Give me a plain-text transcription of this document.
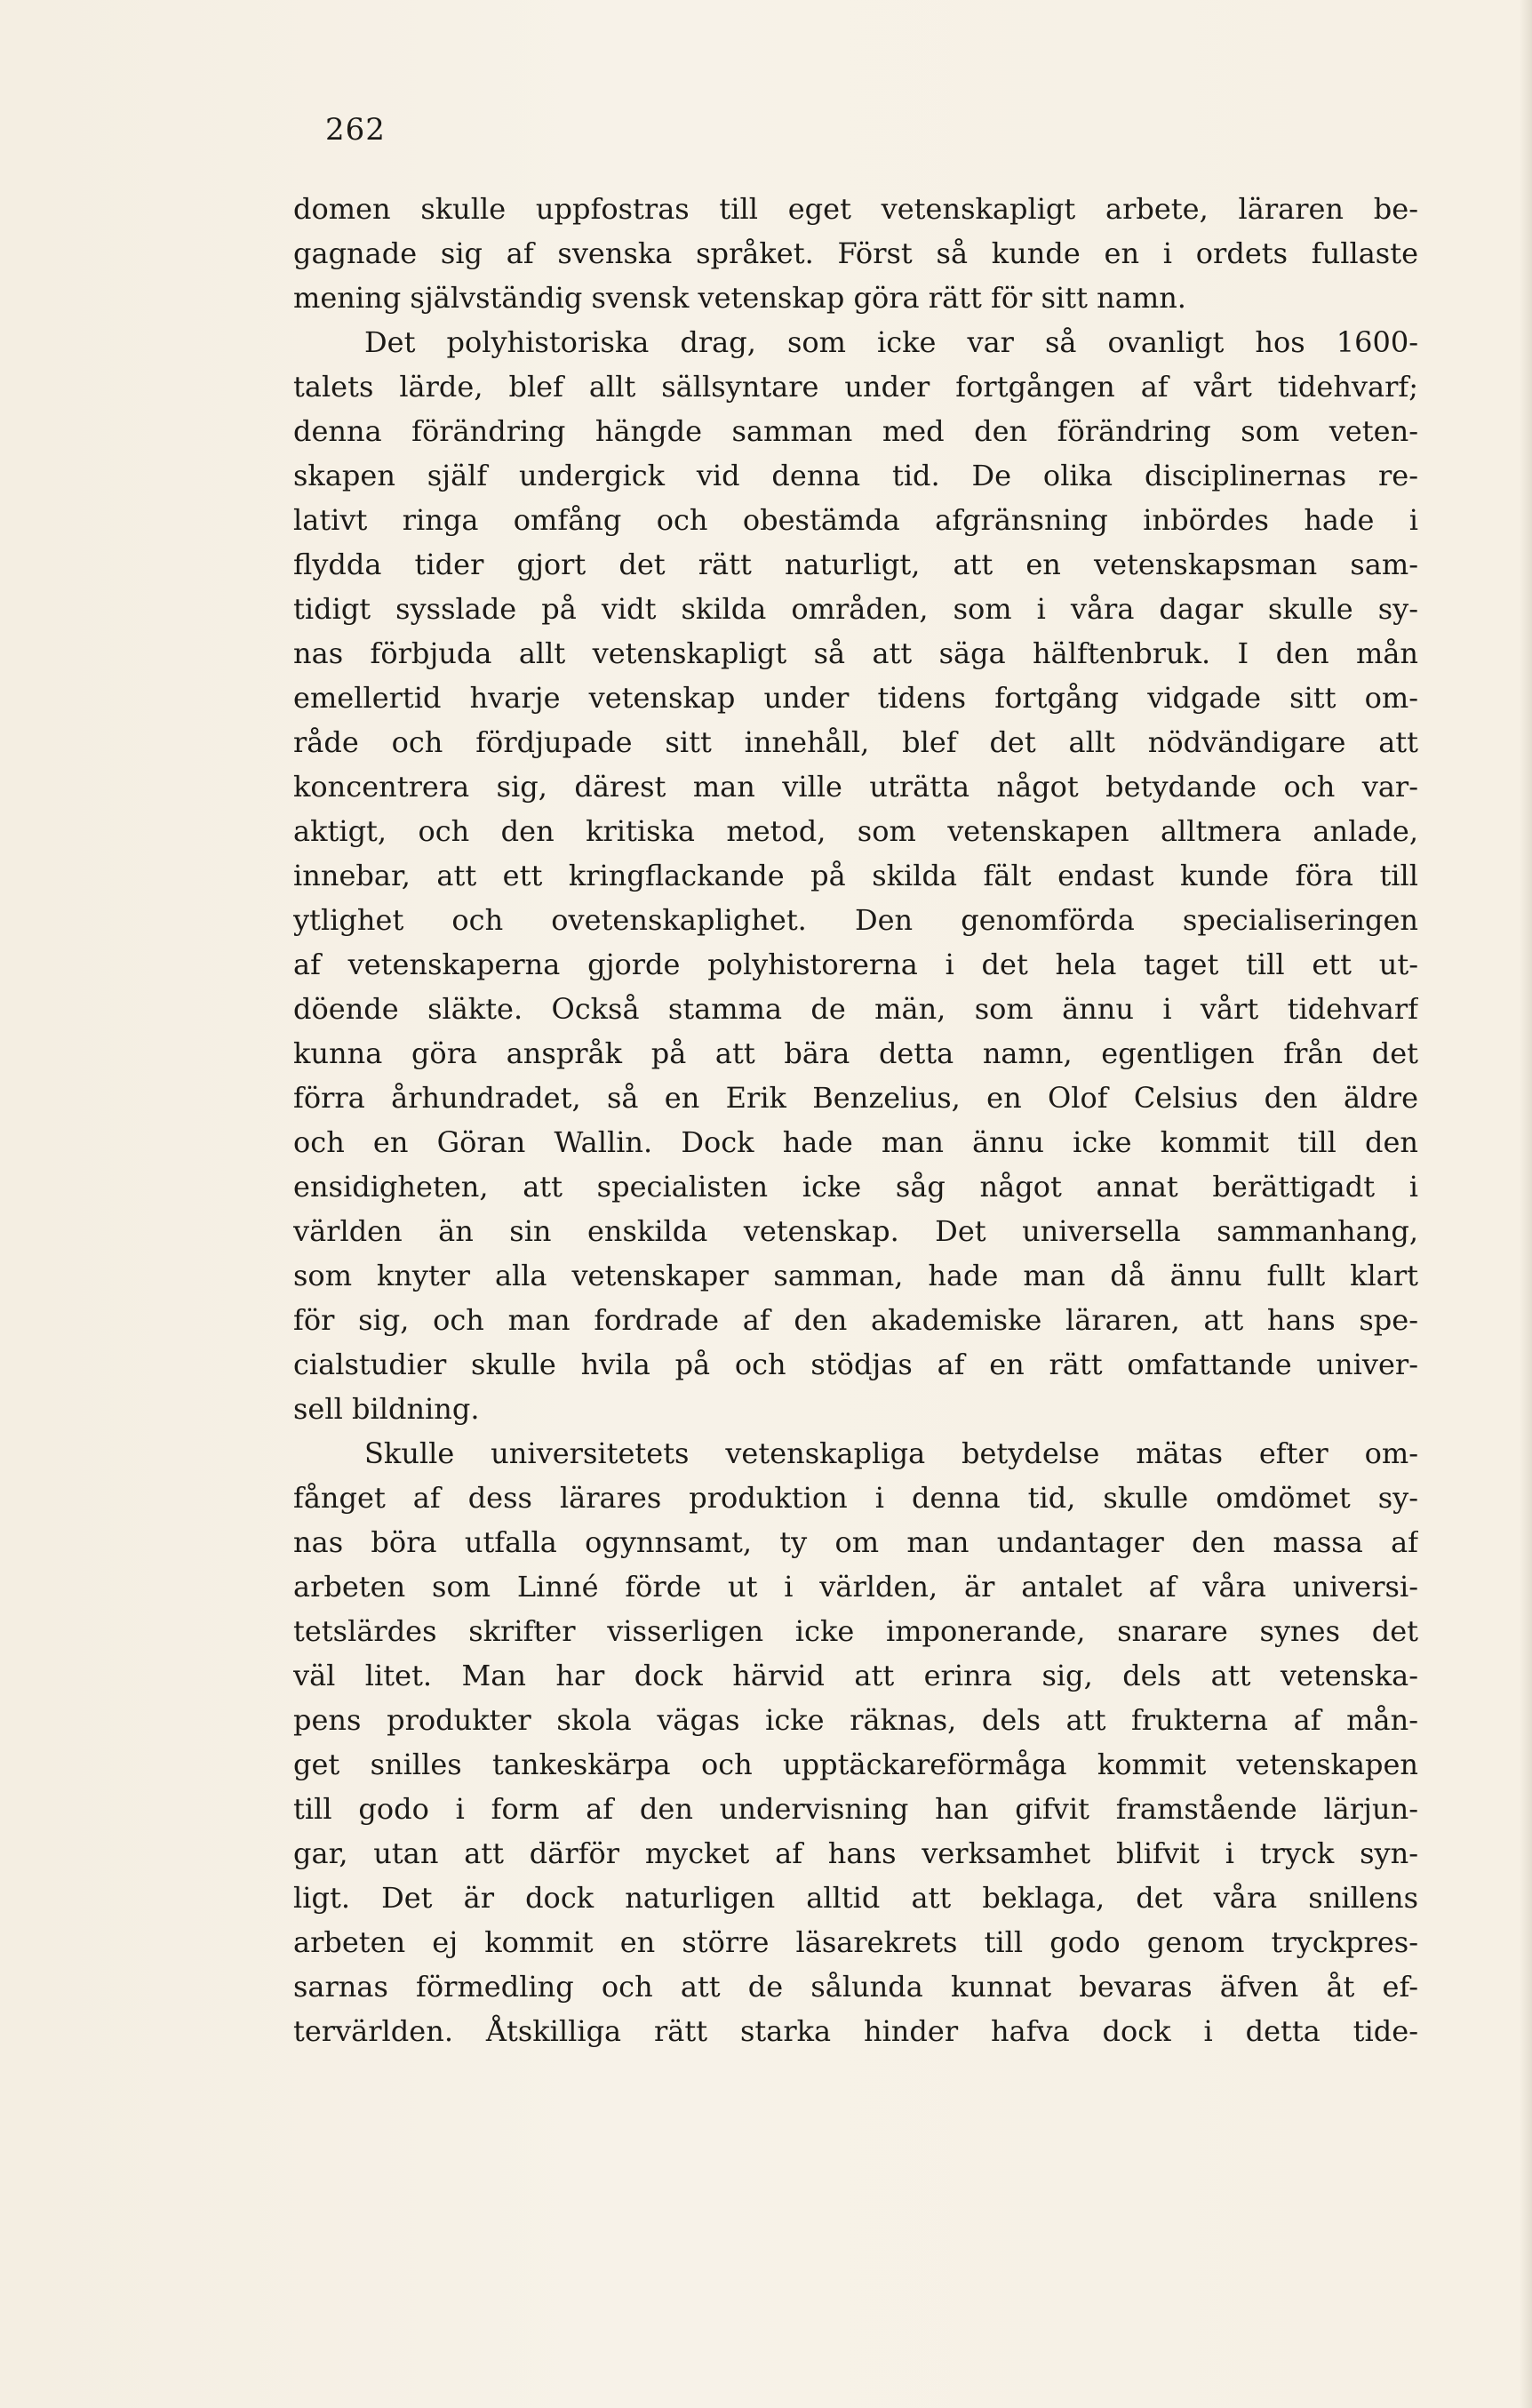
262
domen skulle uppfostras till eget vetenskapligt arbete, läraren be-
gagnade sig af svenska språket. Först så kunde en i ordets fullaste
mening självständig svensk vetenskap göra rätt för sitt namn.
Det polyhistoriska drag, som icke var så ovanligt hos 1600-
talets lärde, blef allt sällsyntare under fortgången af vårt tidehvarf;
denna förändring hängde samman med den förändring som veten-
skapen själf undergick vid denna tid. De olika disciplinernas re-
lativt ringa omfång och obestämda afgränsning inbördes hade i
flydda tider gjort det rätt naturligt, att en vetenskapsman sam-
tidigt sysslade på vidt skilda områden, som i våra dagar skulle sy-
nas förbjuda allt vetenskapligt så att säga hälftenbruk. I den mån
emellertid hvarje vetenskap under tidens fortgång vidgade sitt om-
råde och fördjupade sitt innehåll, blef det allt nödvändigare att
koncentrera sig, därest man ville uträtta något betydande och var-
aktigt, och den kritiska metod, som vetenskapen alltmera anlade,
innebar, att ett kringflackande på skilda fält endast kunde föra till
ytlighet och ovetenskaplighet. Den genomförda specialiseringen
af vetenskaperna gjorde polyhistorerna i det hela taget till ett ut-
döende släkte. Också stamma de män, som ännu i vårt tidehvarf
kunna göra anspråk på att bära detta namn, egentligen från det
förra århundradet, så en Erik Benzelius, en Olof Celsius den äldre
och en Göran Wallin. Dock hade man ännu icke kommit till den
ensidigheten, att specialisten icke såg något annat berättigadt i
världen än sin enskilda vetenskap. Det universella sammanhang,
som knyter alla vetenskaper samman, hade man då ännu fullt klart
för sig, och man fordrade af den akademiske läraren, att hans spe-
cialstudier skulle hvila på och stödjas af en rätt omfattande univer-
sell bildning.
Skulle universitetets vetenskapliga betydelse mätas efter om-
fånget af dess lärares produktion i denna tid, skulle omdömet sy-
nas böra utfalla ogynnsamt, ty om man undantager den massa af
arbeten som Linné förde ut i världen, är antalet af våra universi-
tetslärdes skrifter visserligen icke imponerande, snarare synes det
väl litet. Man har dock härvid att erinra sig, dels att vetenska-
pens produkter skola vägas icke räknas, dels att frukterna af mån-
get snilles tankeskärpa och upptäckareförmåga kommit vetenskapen
till godo i form af den undervisning han gifvit framstående lärjun-
gar, utan att därför mycket af hans verksamhet blifvit i tryck syn-
ligt. Det är dock naturligen alltid att beklaga, det våra snillens
arbeten ej kommit en större läsarekrets till godo genom tryckpres-
sarnas förmedling och att de sålunda kunnat bevaras äfven åt ef-
tervärlden. Åtskilliga rätt starka hinder hafva dock i detta tide-
